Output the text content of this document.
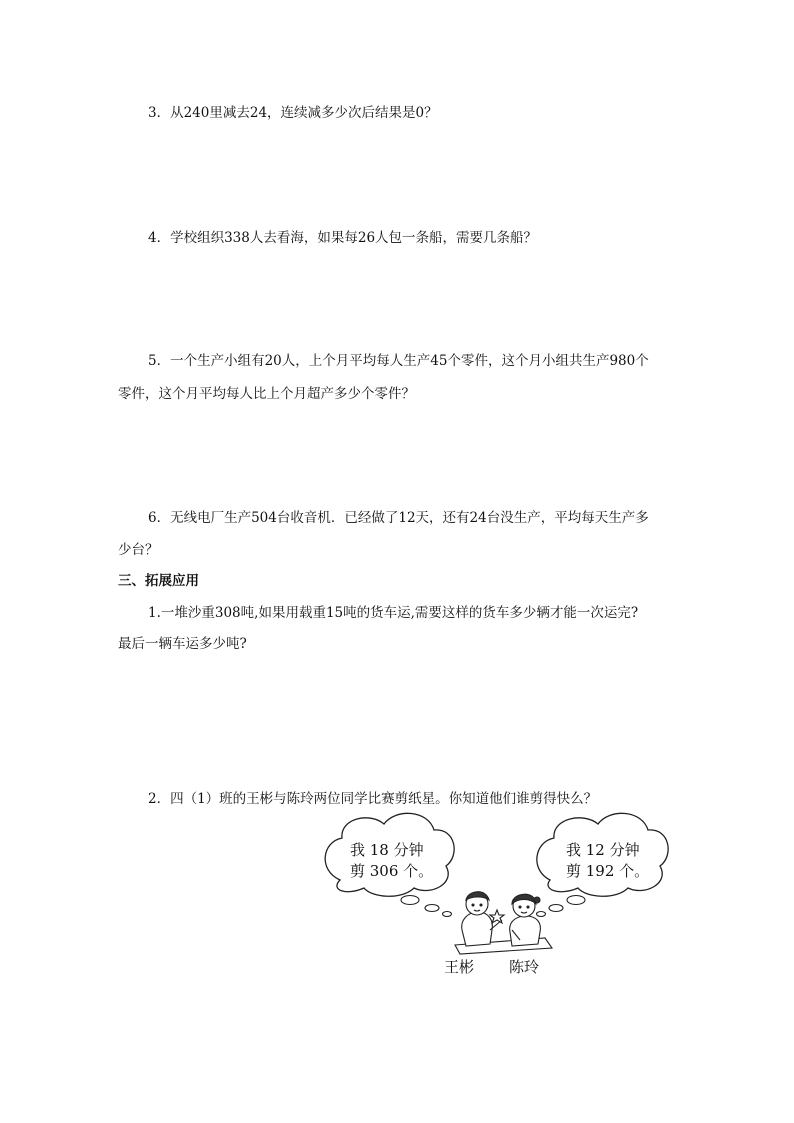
3．从240里减去24，连续减多少次后结果是0？
4．学校组织338人去看海，如果每26人包一条船，需要几条船？
5．一个生产小组有20人，上个月平均每人生产45个零件，这个月小组共生产980个
零件，这个月平均每人比上个月超产多少个零件？
6．无线电厂生产504台收音机．已经做了12天，还有24台没生产，平均每天生产多
少台？
三、拓展应用
1.一堆沙重308吨,如果用载重15吨的货车运,需要这样的货车多少辆才能一次运完?
最后一辆车运多少吨?
2．四（1）班的王彬与陈玲两位同学比赛剪纸星。你知道他们谁剪得快么？
我 18 分钟
剪 306 个。
我 12 分钟
剪 192 个。
王彬 陈玲
